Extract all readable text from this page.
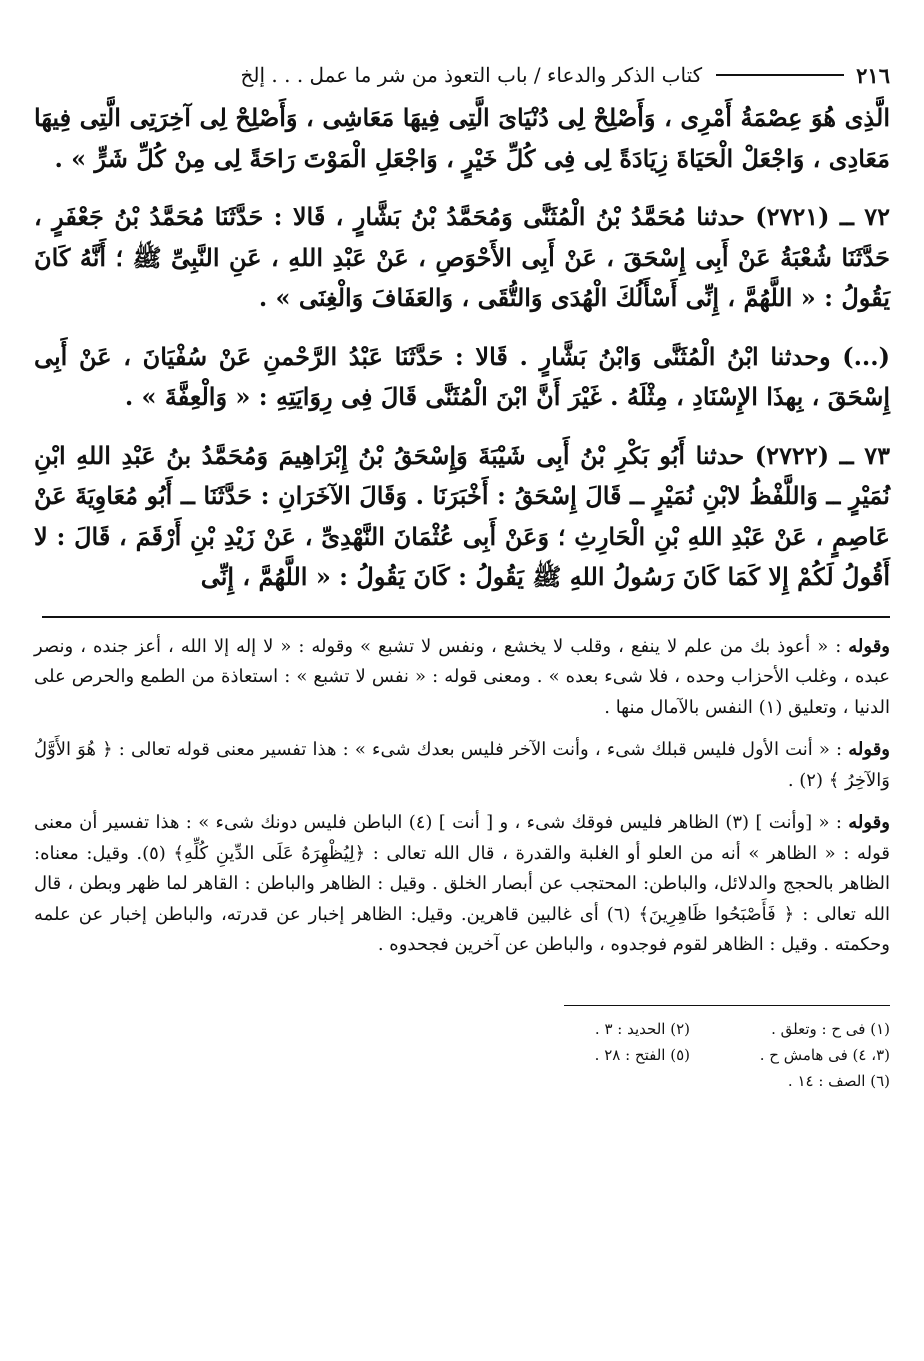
٢١٦
كتاب الذكر والدعاء / باب التعوذ من شر ما عمل . . . إلخ

الَّذِى هُوَ عِصْمَةُ أَمْرِى ، وَأَصْلِحْ لِى دُنْيَاىَ الَّتِى فِيهَا مَعَاشِى ، وَأَصْلِحْ لِى آخِرَتِى الَّتِى فِيهَا مَعَادِى ، وَاجْعَلْ الْحَيَاةَ زِيَادَةً لِى فِى كُلِّ خَيْرٍ ، وَاجْعَلِ الْمَوْتَ رَاحَةً لِى مِنْ كُلِّ شَرٍّ » .

٧٢ ــ (٢٧٢١) حدثنا مُحَمَّدُ بْنُ الْمُثَنَّى وَمُحَمَّدُ بْنُ بَشَّارٍ ، قَالا : حَدَّثَنَا مُحَمَّدُ بْنُ جَعْفَرٍ ، حَدَّثَنَا شُعْبَةُ عَنْ أَبِى إِسْحَقَ ، عَنْ أَبِى الأَحْوَصِ ، عَنْ عَبْدِ اللهِ ، عَنِ النَّبِىِّ ﷺ ؛ أَنَّهُ كَانَ يَقُولُ : « اللَّهُمَّ ، إِنِّى أَسْأَلُكَ الْهُدَى وَالتُّقَى ، وَالعَفَافَ وَالْغِنَى » .

(...) وحدثنا ابْنُ الْمُثَنَّى وَابْنُ بَشَّارٍ . قَالا : حَدَّثَنَا عَبْدُ الرَّحْمنِ عَنْ سُفْيَانَ ، عَنْ أَبِى إِسْحَقَ ، بِهذَا الإِسْنَادِ ، مِثْلَهُ . غَيْرَ أَنَّ ابْنَ الْمُثَنَّى قَالَ فِى رِوَايَتِهِ : « وَالْعِفَّةَ » .

٧٣ ــ (٢٧٢٢) حدثنا أَبُو بَكْرِ بْنُ أَبِى شَيْبَةَ وَإِسْحَقُ بْنُ إِبْرَاهِيمَ وَمُحَمَّدُ بنُ عَبْدِ اللهِ ابْنِ نُمَيْرٍ ــ وَاللَّفْظُ لابْنِ نُمَيْرٍ ــ قَالَ إِسْحَقُ : أَخْبَرَنَا . وَقَالَ الآخَرَانِ : حَدَّثَنَا ــ أَبُو مُعَاوِيَةَ عَنْ عَاصِمٍ ، عَنْ عَبْدِ اللهِ بْنِ الْحَارِثِ ؛ وَعَنْ أَبِى عُثْمَانَ النَّهْدِىِّ ، عَنْ زَيْدِ بْنِ أَرْقَمَ ، قَالَ : لا أَقُولُ لَكُمْ إِلا كَمَا كَانَ رَسُولُ اللهِ ﷺ يَقُولُ : كَانَ يَقُولُ : « اللَّهُمَّ ، إِنِّى

وقوله : « أعوذ بك من علم لا ينفع ، وقلب لا يخشع ، ونفس لا تشبع » وقوله : « لا إله إلا الله ، أعز جنده ، ونصر عبده ، وغلب الأحزاب وحده ، فلا شىء بعده » . ومعنى قوله : « نفس لا تشبع » : استعاذة من الطمع والحرص على الدنيا ، وتعليق (١) النفس بالآمال منها .

وقوله : « أنت الأول فليس قبلك شىء ، وأنت الآخر فليس بعدك شىء » : هذا تفسير معنى قوله تعالى : ﴿ هُوَ الأَوَّلُ وَالآخِرُ ﴾ (٢) .

وقوله : « [وأنت ] (٣) الظاهر فليس فوقك شىء ، و [ أنت ] (٤) الباطن فليس دونك شىء » : هذا تفسير أن معنى قوله : « الظاهر » أنه من العلو أو الغلبة والقدرة ، قال الله تعالى : ﴿لِيُظْهِرَهُ عَلَى الدِّينِ كُلِّهِ﴾ (٥). وقيل: معناه: الظاهر بالحجج والدلائل، والباطن: المحتجب عن أبصار الخلق . وقيل : الظاهر والباطن : القاهر لما ظهر وبطن ، قال الله تعالى : ﴿ فَأَصْبَحُوا ظَاهِرِينَ﴾ (٦) أى غالبين قاهرين. وقيل: الظاهر إخبار عن قدرته، والباطن إخبار عن علمه وحكمته . وقيل : الظاهر لقوم فوجدوه ، والباطن عن آخرين فجحدوه .

(١) فى ح : وتعلق .
(٢) الحديد : ٣ .
(٣، ٤) فى هامش ح .
(٥) الفتح : ٢٨ .
(٦) الصف : ١٤ .
